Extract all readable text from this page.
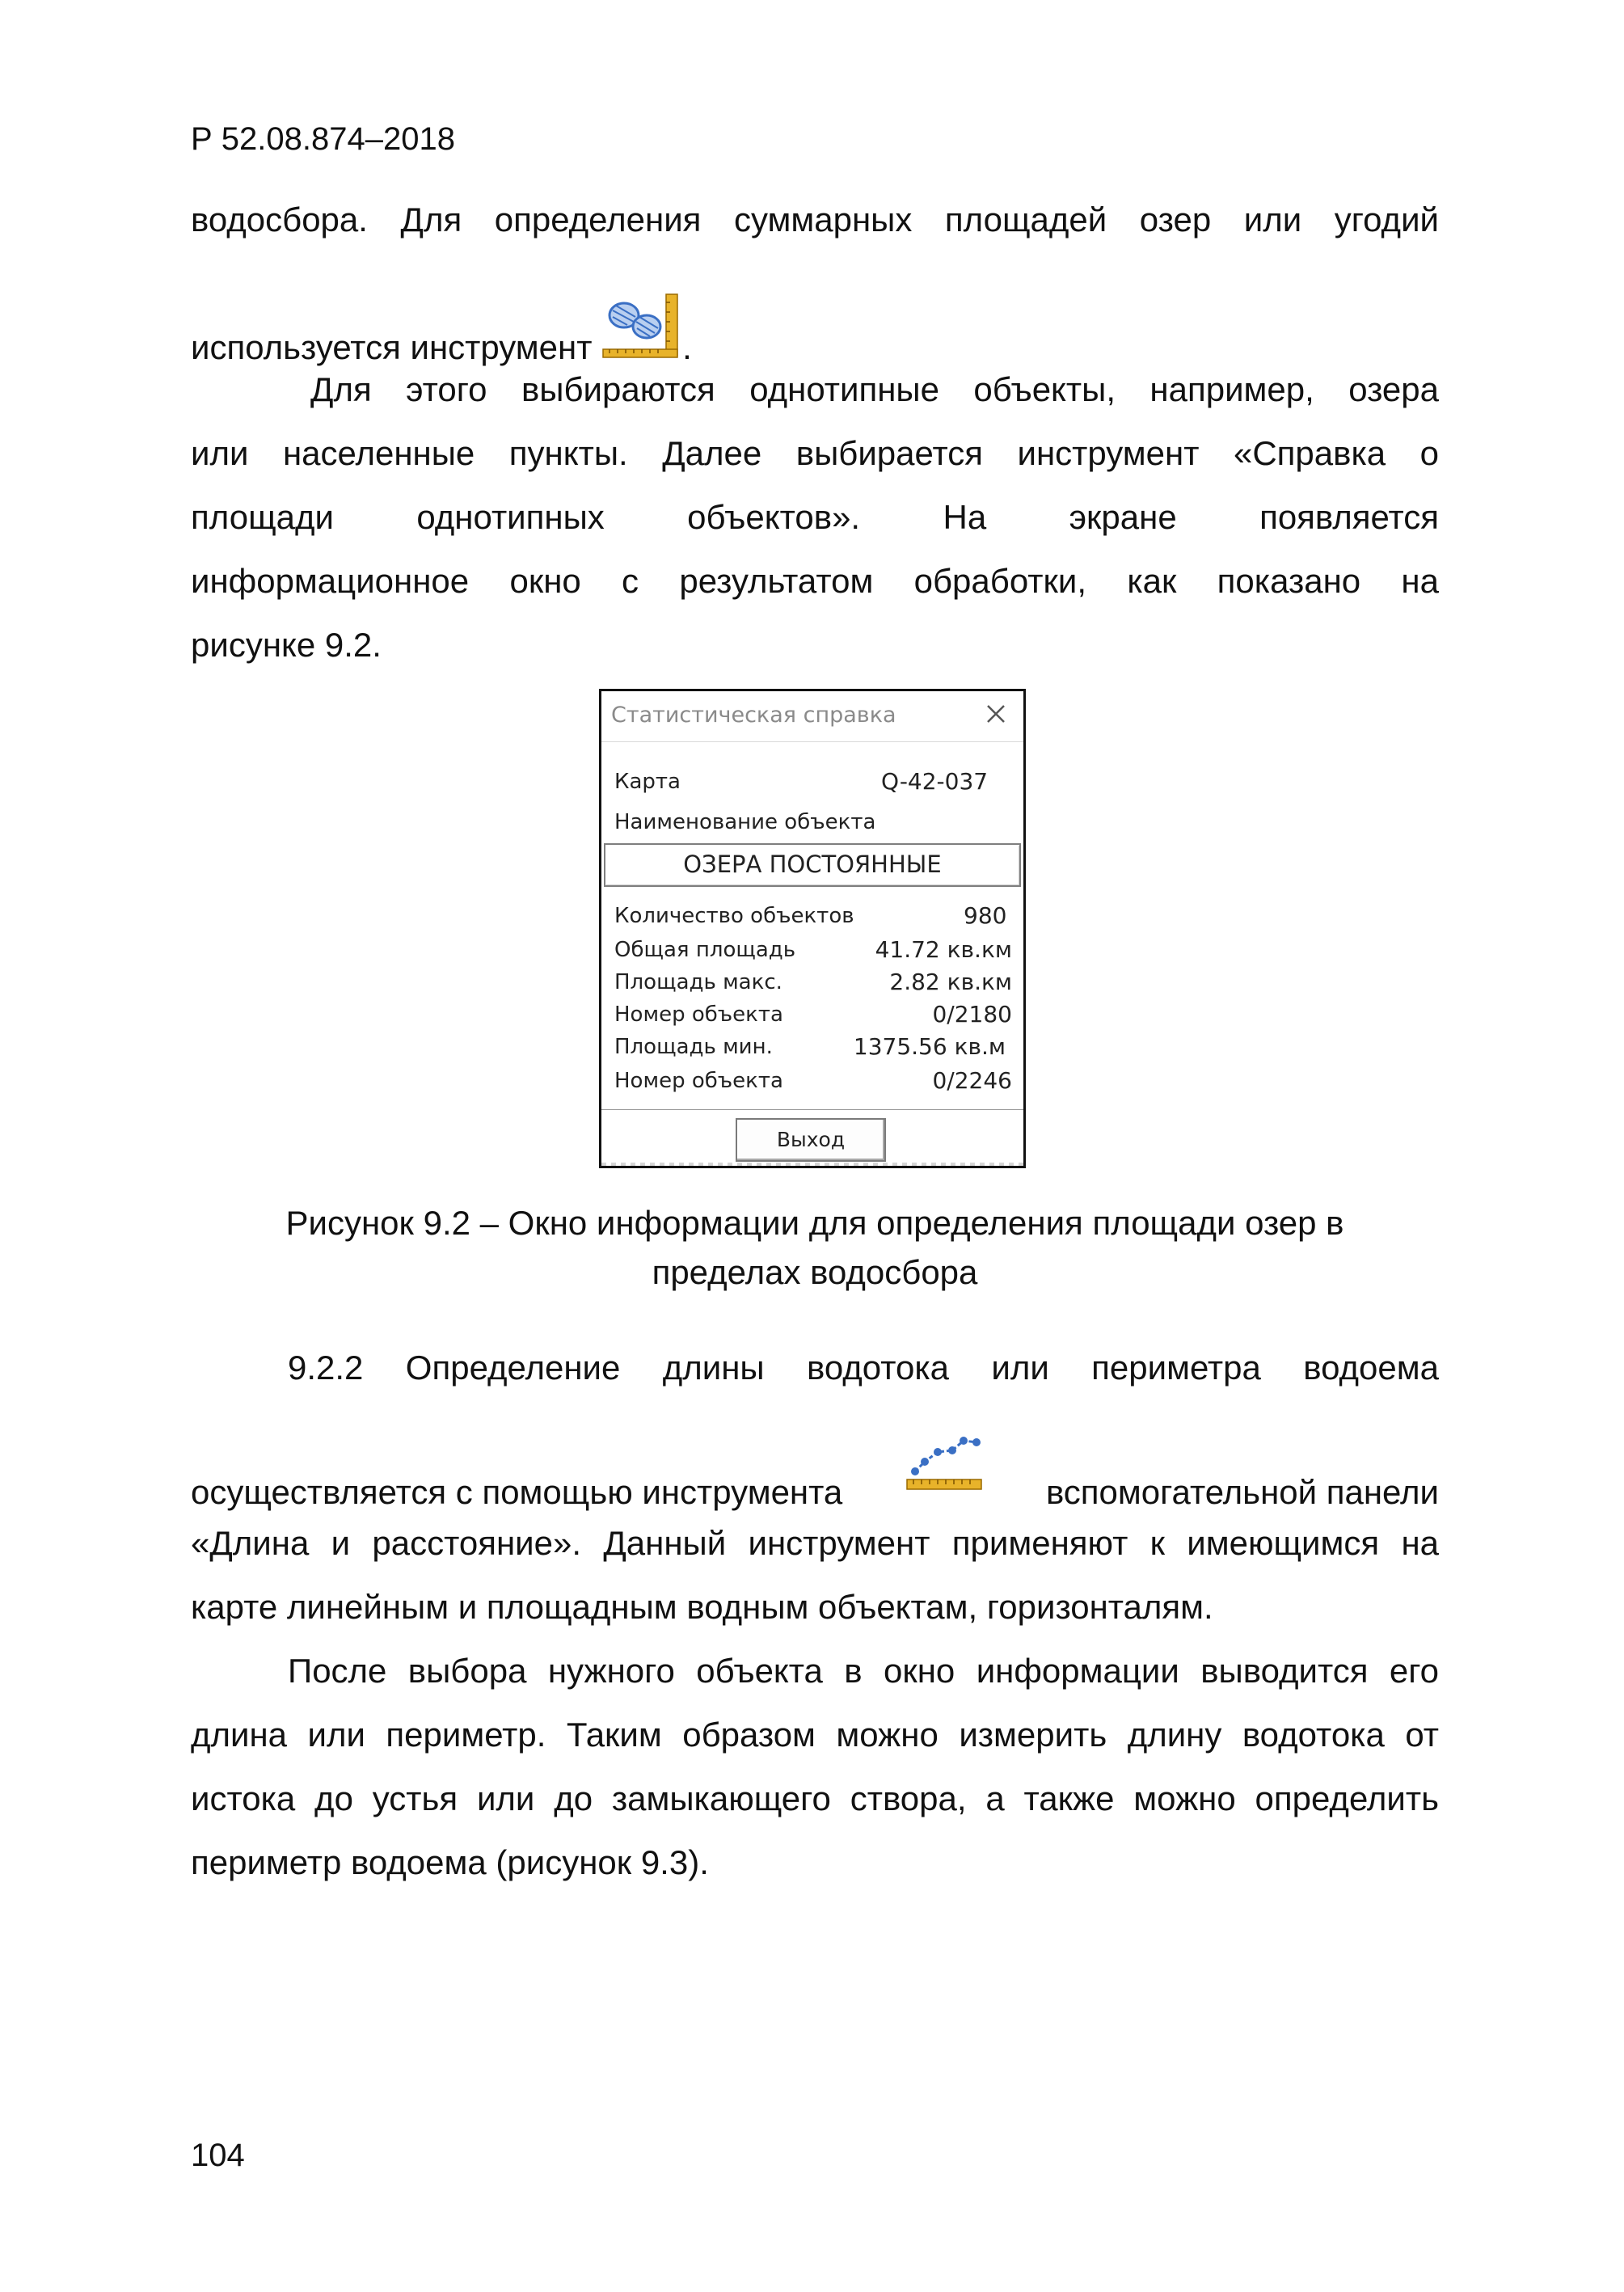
Р 52.08.874–2018

водосбора. Для определения суммарных площадей озер или угодий

используется инструмент	.

Для этого выбираются однотипные объекты, например, озера

или населенные пункты. Далее выбирается инструмент «Справка о

площади однотипных объектов». На экране появляется

информационное окно с результатом обработки, как показано на

рисунке 9.2.

Статистическая справка
Карта	Q-42-037
Наименование объекта
ОЗЕРА ПОСТОЯННЫЕ
Количество объектов	980
Общая площадь	41.72 кв.км
Площадь макс.	2.82 кв.км
Номер объекта	0/2180
Площадь мин.	1375.56 кв.м
Номер объекта	0/2246
Выход
Рисунок 9.2 – Окно информации для определения площади озер в
пределах водосбора

9.2.2 Определение длины водотока или периметра водоема

осуществляется с помощью инструмента	вспомогательной панели

«Длина и расстояние». Данный инструмент применяют к имеющимся на

карте линейным и площадным водным объектам, горизонталям.

После выбора нужного объекта в окно информации выводится его

длина или периметр. Таким образом можно измерить длину водотока от

истока до устья или до замыкающего створа, а также можно определить

периметр водоема (рисунок 9.3).

104
